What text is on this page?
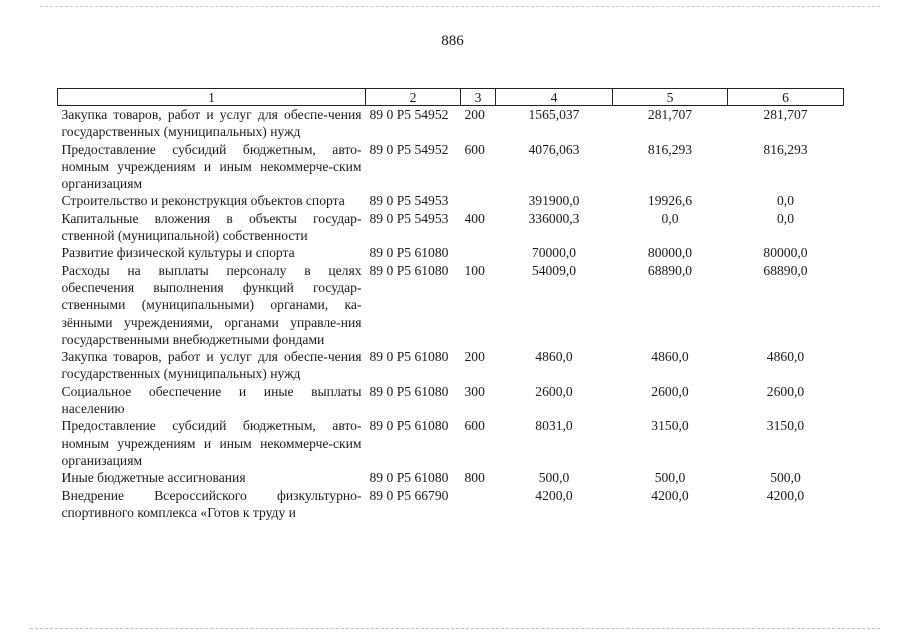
886
1	2	3	4	5	6
Закупка товаров, работ и услуг для обеспе-чения государственных (муниципальных) нужд	89 0 P5 54952	200	1565,037	281,707	281,707
Предоставление субсидий бюджетным, авто-номным учреждениям и иным некоммерче-ским организациям	89 0 P5 54952	600	4076,063	816,293	816,293
Строительство и реконструкция объектов спорта	89 0 P5 54953		391900,0	19926,6	0,0
Капитальные вложения в объекты государ-ственной (муниципальной) собственности	89 0 P5 54953	400	336000,3	0,0	0,0
Развитие физической культуры и спорта	89 0 P5 61080		70000,0	80000,0	80000,0
Расходы на выплаты персоналу в целях обеспечения выполнения функций государ-ственными (муниципальными) органами, ка-зёнными учреждениями, органами управле-ния государственными внебюджетными фондами	89 0 P5 61080	100	54009,0	68890,0	68890,0
Закупка товаров, работ и услуг для обеспе-чения государственных (муниципальных) нужд	89 0 P5 61080	200	4860,0	4860,0	4860,0
Социальное обеспечение и иные выплаты населению	89 0 P5 61080	300	2600,0	2600,0	2600,0
Предоставление субсидий бюджетным, авто-номным учреждениям и иным некоммерче-ским организациям	89 0 P5 61080	600	8031,0	3150,0	3150,0
Иные бюджетные ассигнования	89 0 P5 61080	800	500,0	500,0	500,0
Внедрение Всероссийского физкультурно-спортивного комплекса «Готов к труду и	89 0 P5 66790		4200,0	4200,0	4200,0
